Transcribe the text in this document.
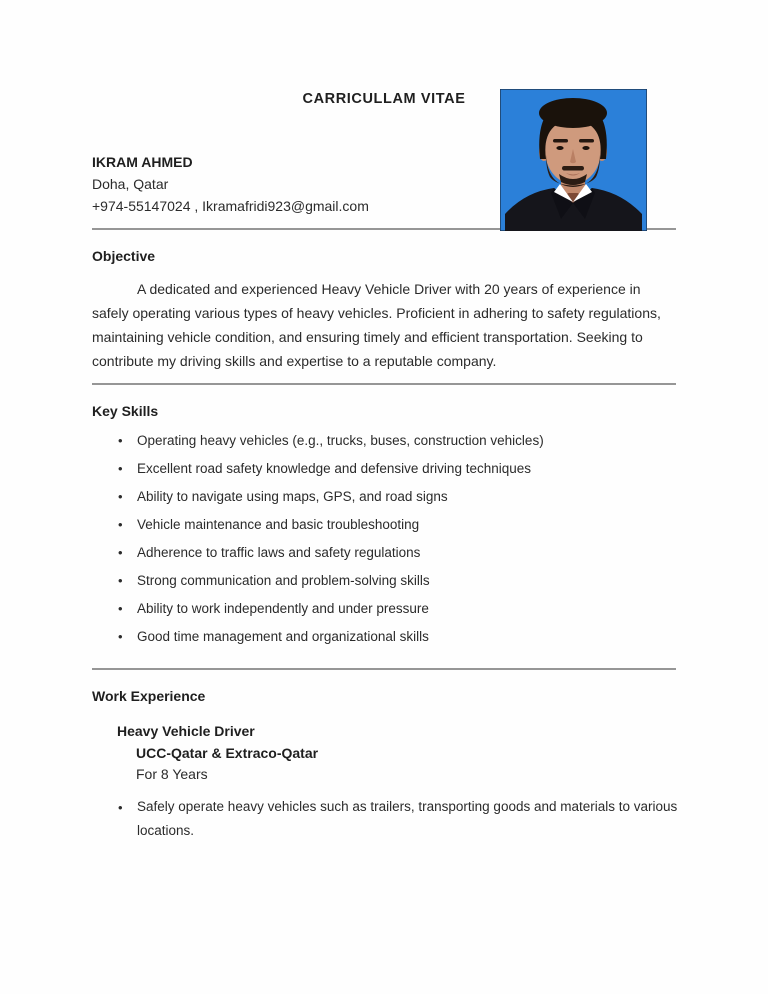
CARRICULLAM VITAE
IKRAM AHMED
Doha, Qatar
+974-55147024 , Ikramafridi923@gmail.com
Objective

A dedicated and experienced Heavy Vehicle Driver with 20 years of experience in safely operating various types of heavy vehicles. Proficient in adhering to safety regulations, maintaining vehicle condition, and ensuring timely and efficient transportation. Seeking to contribute my driving skills and expertise to a reputable company.

Key Skills
• Operating heavy vehicles (e.g., trucks, buses, construction vehicles)
• Excellent road safety knowledge and defensive driving techniques
• Ability to navigate using maps, GPS, and road signs
• Vehicle maintenance and basic troubleshooting
• Adherence to traffic laws and safety regulations
• Strong communication and problem-solving skills
• Ability to work independently and under pressure
• Good time management and organizational skills
Work Experience
Heavy Vehicle Driver
UCC-Qatar & Extraco-Qatar
For 8 Years
• Safely operate heavy vehicles such as trailers, transporting goods and materials to various locations.
